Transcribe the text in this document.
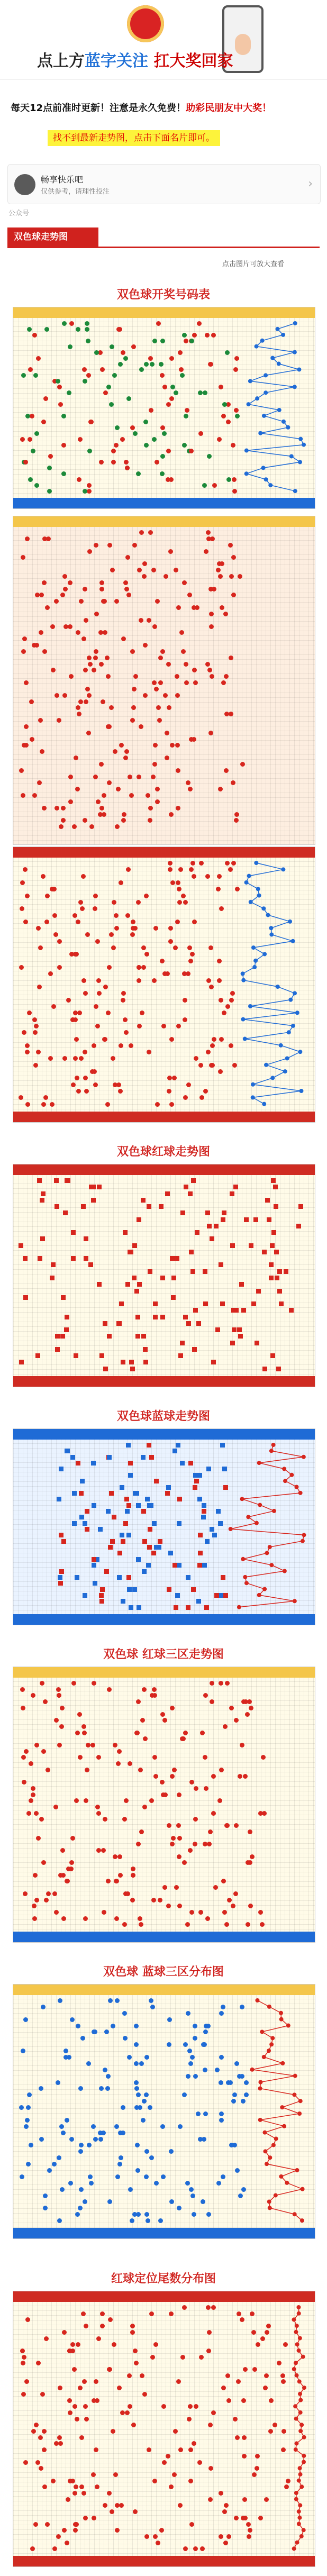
点上方蓝字关注 扛大奖回家
每天12点前准时更新！注意是永久免费！助彩民朋友中大奖！
找不到最新走势图，点击下面名片即可。
畅享快乐吧
仅供参考，请理性投注
›
公众号
双色球走势图
点击图片可放大查看
双色球开奖号码表
双色球红球走势图
双色球蓝球走势图
双色球 红球三区走势图
双色球 蓝球三区分布图
红球定位尾数分布图
